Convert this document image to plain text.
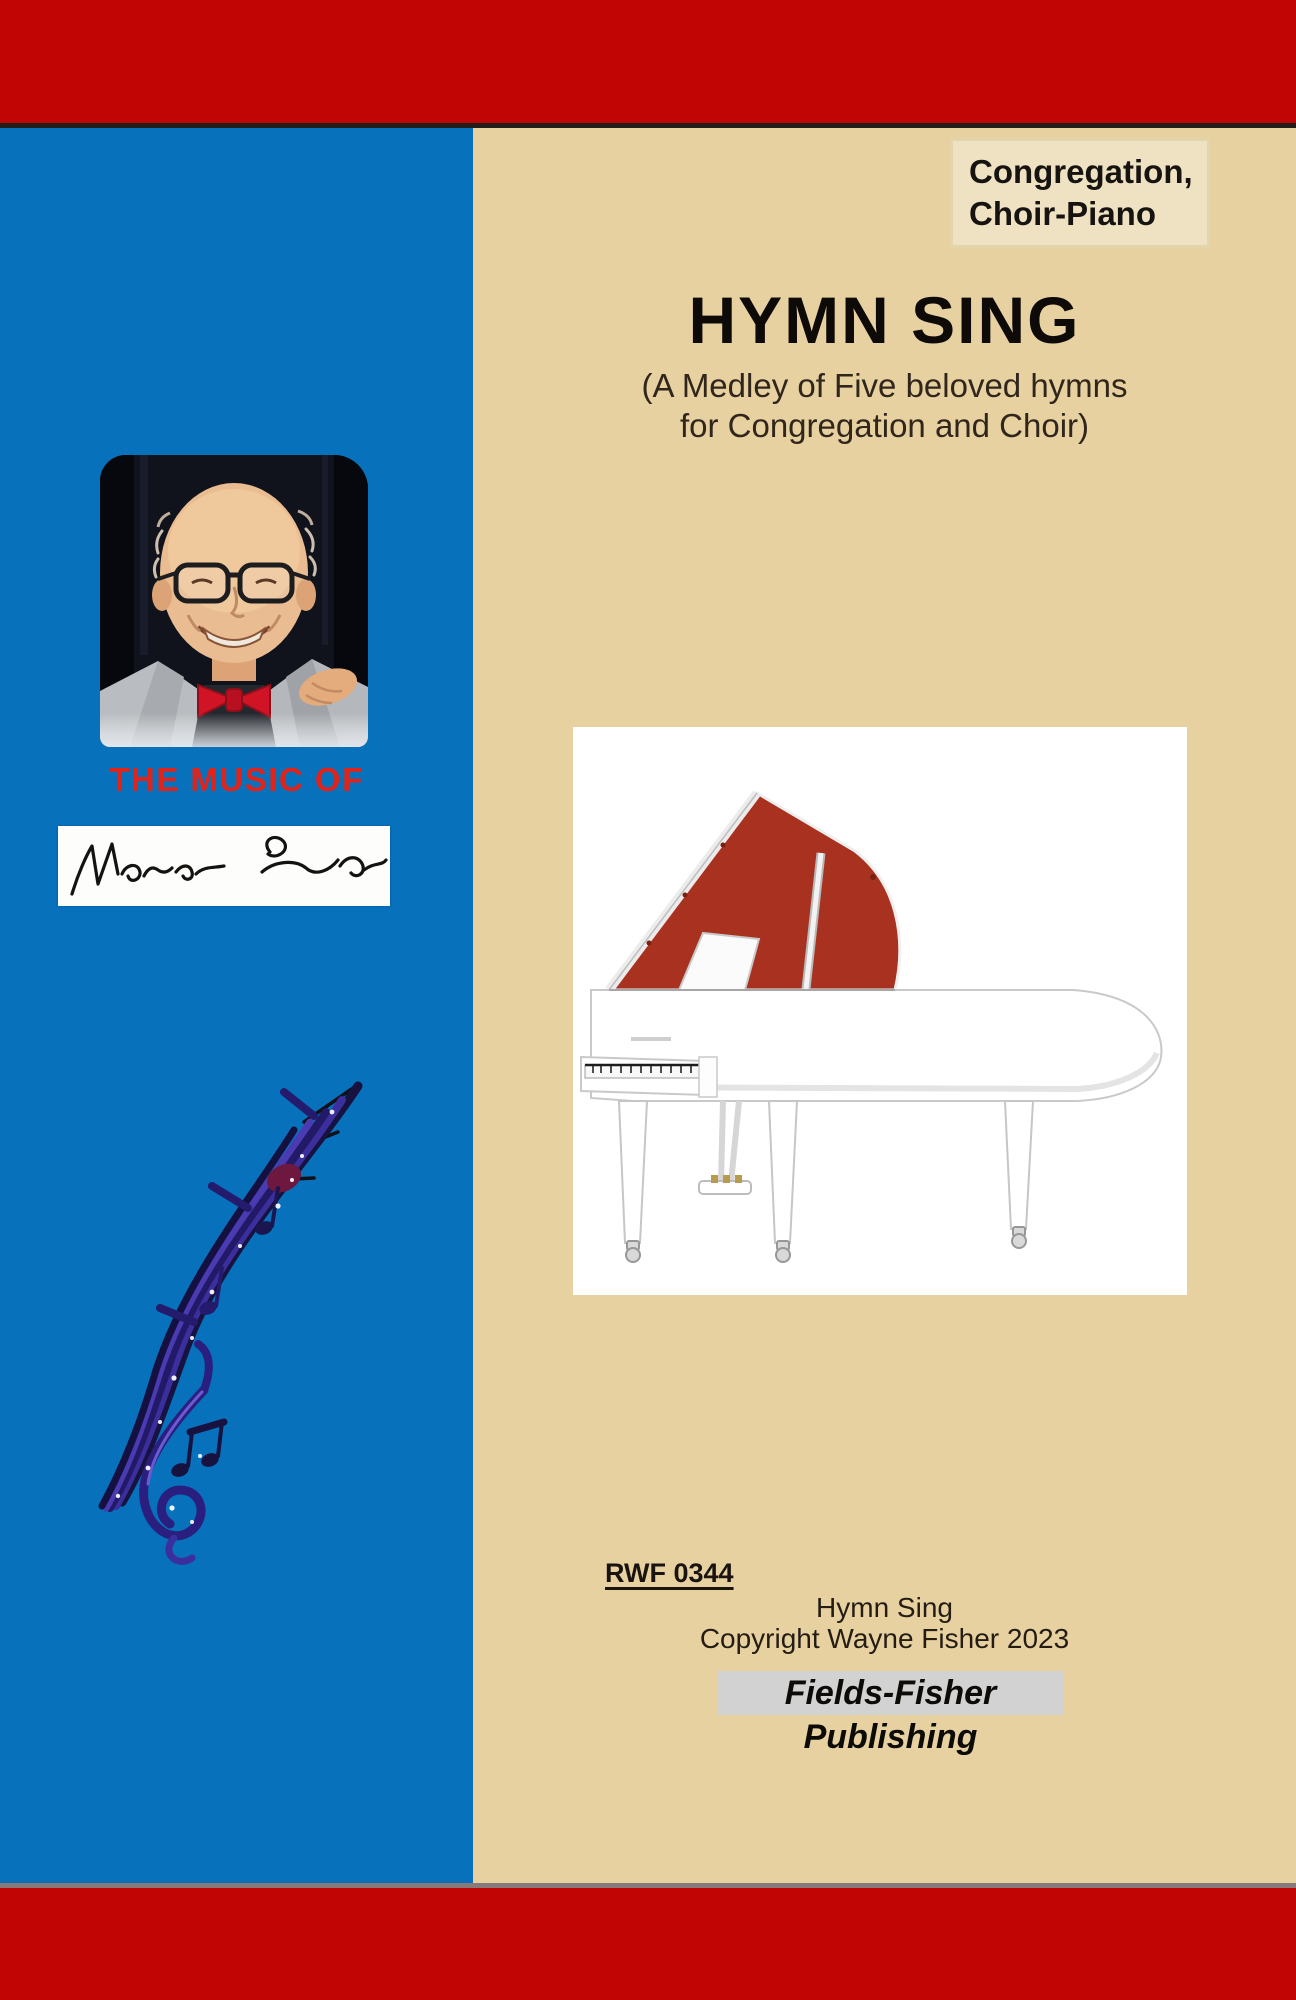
THE MUSIC OF
Congregation,
Choir-Piano
HYMN SING
(A Medley of Five beloved hymns
for Congregation and Choir)
RWF 0344
Hymn Sing
Copyright Wayne Fisher 2023
Fields-Fisher Publishing
